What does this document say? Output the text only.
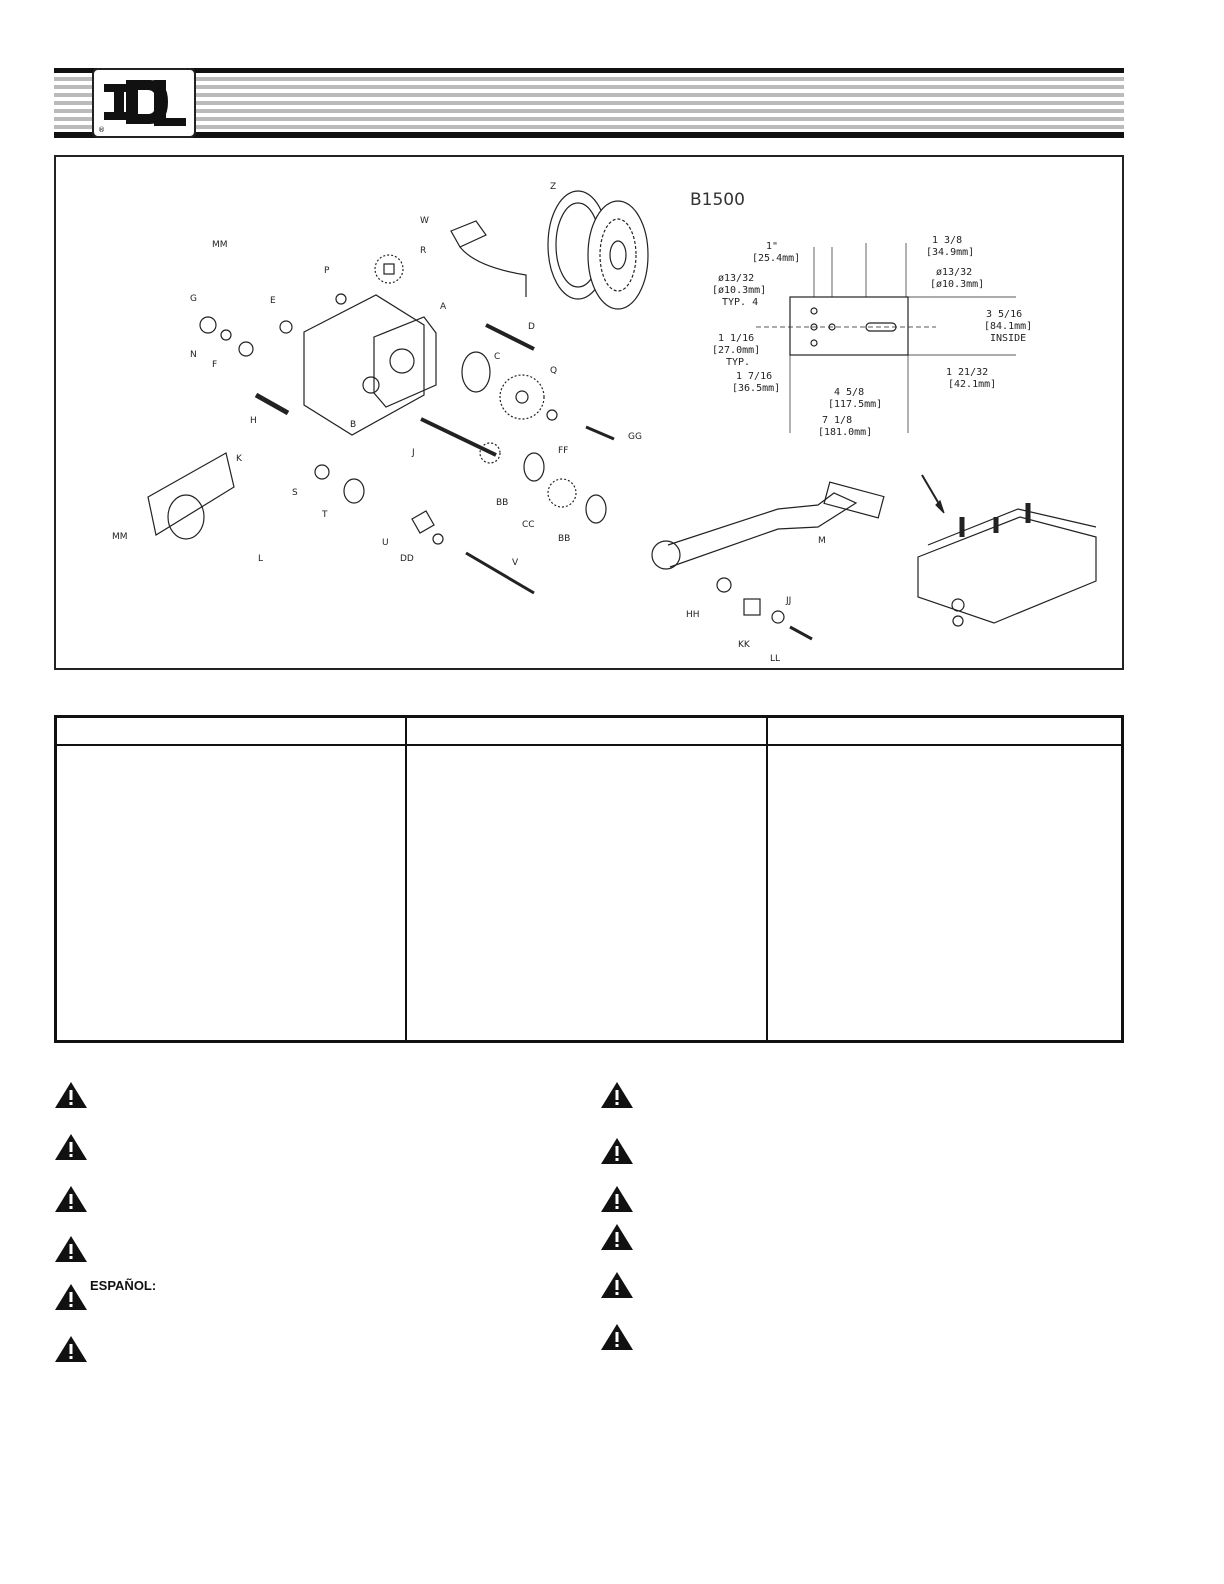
®
B1500
Z
W
R
P
G	E
A
D
N
F
C
Q
H	B
J	FF
GG
MM
K
S
T
BB
CC
BB	M
U
DD	V
MM
L
HH
JJ
KK
LL
1"
[25.4mm]
1 3/8
[34.9mm]
ø13/32
[ø10.3mm]
TYP. 4
ø13/32
[ø10.3mm]
3 5/16
[84.1mm]
INSIDE
1 1/16
[27.0mm]
TYP.
1 21/32
[42.1mm]
1 7/16
[36.5mm]	4 5/8
[117.5mm]
7 1/8
[181.0mm]
ESPAÑOL:
